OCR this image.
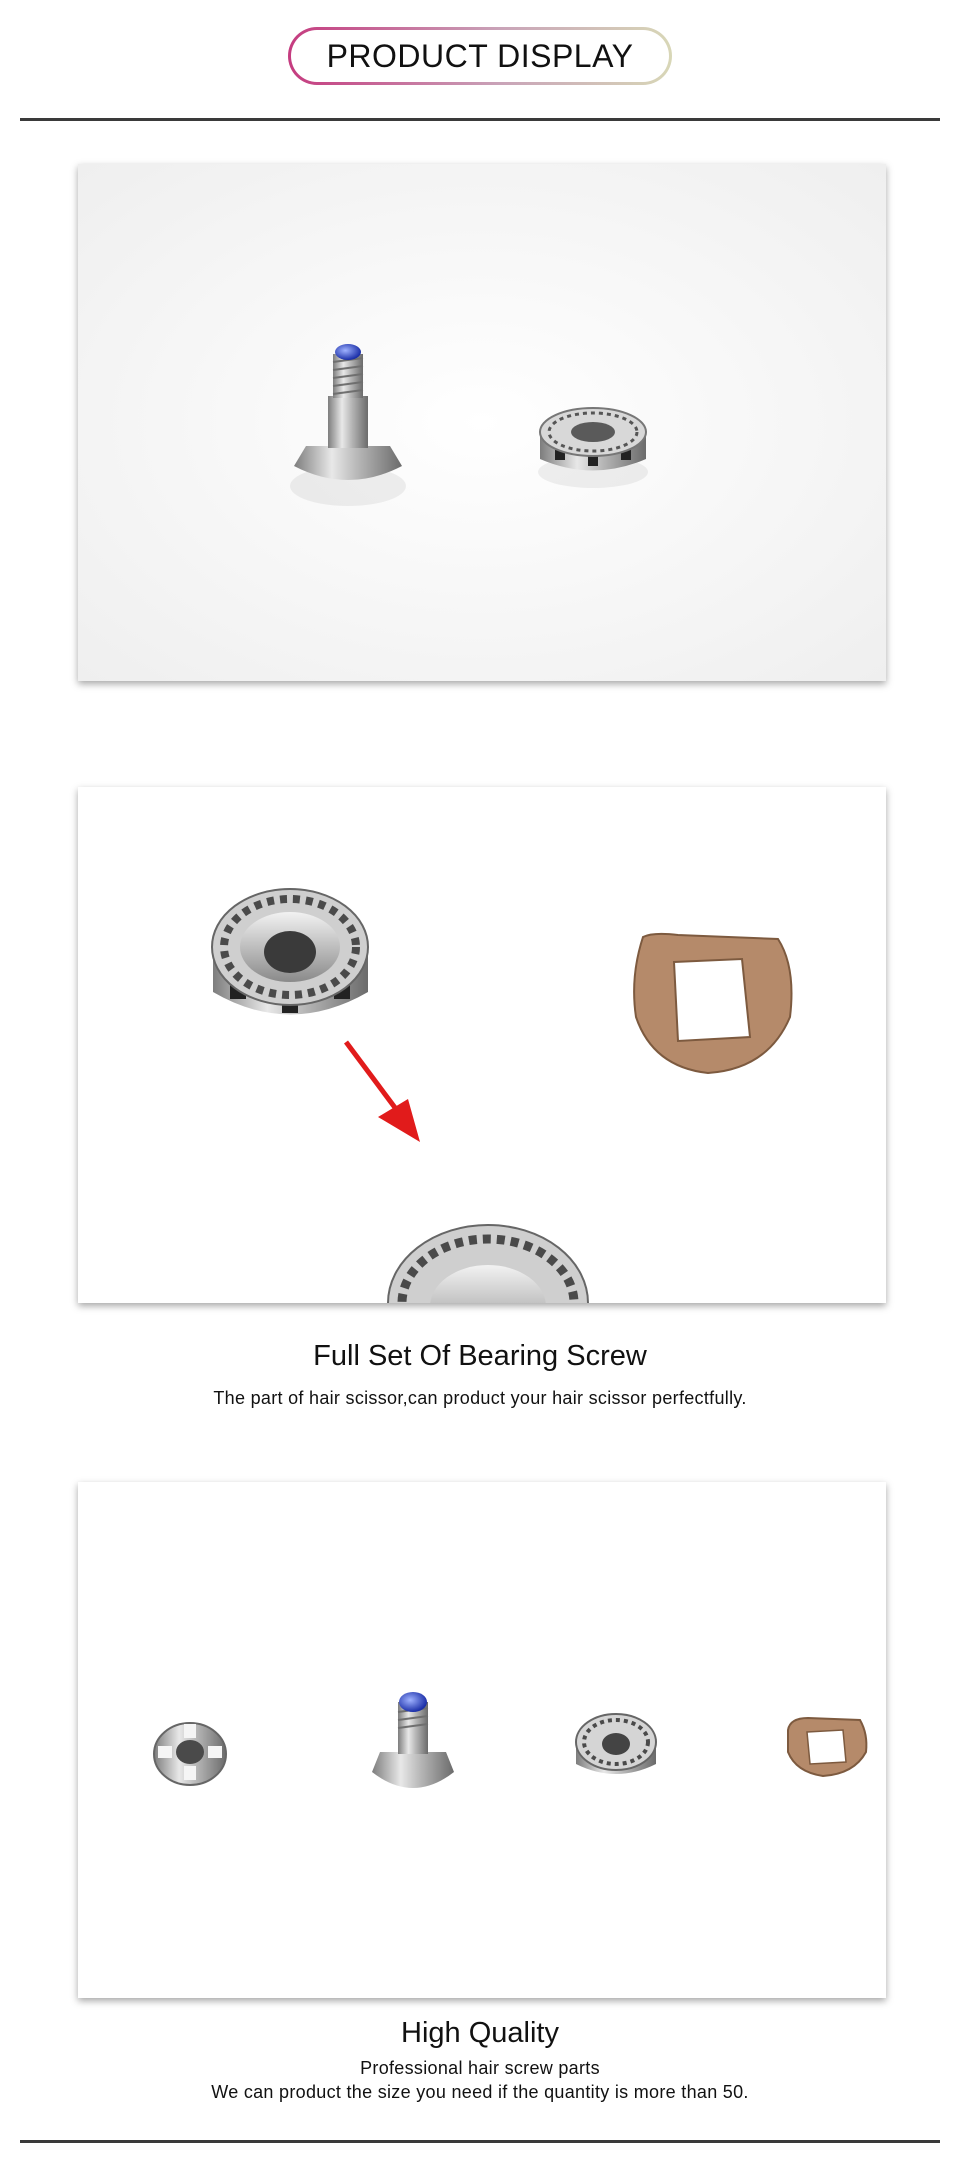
PRODUCT DISPLAY
Full Set Of Bearing Screw
The part of hair scissor,can product your hair scissor perfectfully.
High Quality
Professional hair screw parts
We can product the size you need if the quantity is more than 50.
